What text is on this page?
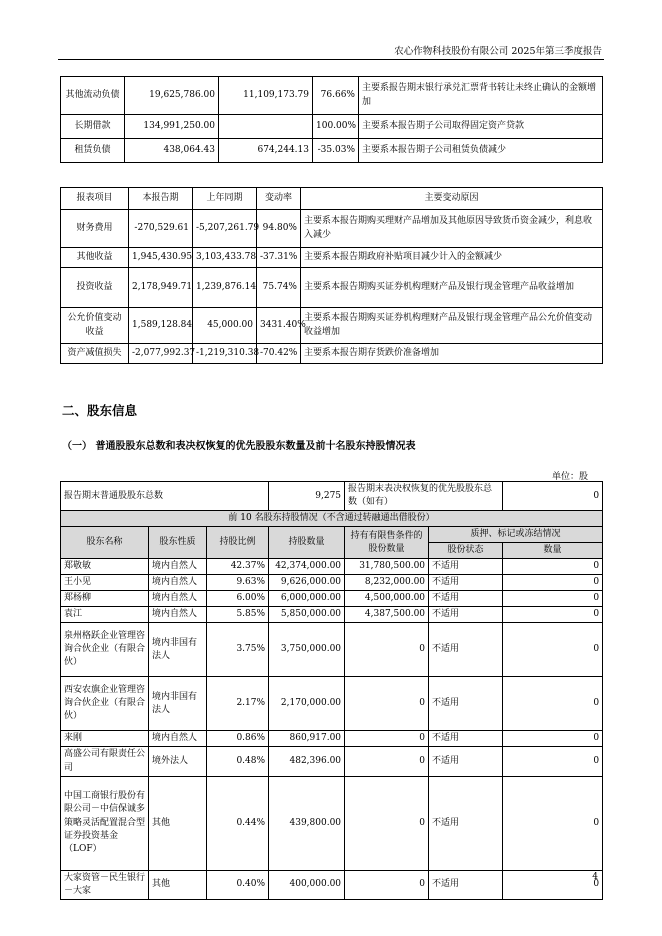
农心作物科技股份有限公司 2025年第三季度报告
其他流动负债	19,625,786.00	11,109,173.79	76.66%	主要系报告期末银行承兑汇票背书转让未终止确认的金额增加
长期借款	134,991,250.00		100.00%	主要系本报告期子公司取得固定资产贷款
租赁负债	438,064.43	674,244.13	-35.03%	主要系本报告期子公司租赁负债减少
报表项目	本报告期	上年同期	变动率	主要变动原因
财务费用	-270,529.61	-5,207,261.79	94.80%	主要系本报告期购买理财产品增加及其他原因导致货币资金减少，利息收入减少
其他收益	1,945,430.95	3,103,433.78	-37.31%	主要系本报告期政府补贴项目减少计入的金额减少
投资收益	2,178,949.71	1,239,876.14	75.74%	主要系本报告期购买证券机构理财产品及银行现金管理产品收益增加
公允价值变动收益	1,589,128.84	45,000.00	3431.40%	主要系本报告期购买证券机构理财产品及银行现金管理产品公允价值变动收益增加
资产减值损失	-2,077,992.37	-1,219,310.38	-70.42%	主要系本报告期存货跌价准备增加
二、股东信息
（一） 普通股股东总数和表决权恢复的优先股股东数量及前十名股东持股情况表
单位：股
报告期末普通股股东总数			9,275	报告期末表决权恢复的优先股股东总数（如有）		0
前 10 名股东持股情况（不含通过转融通出借股份）						
股东名称	股东性质	持股比例	持股数量	持有有限售条件的股份数量	质押、标记或冻结情况	
					股份状态	数量
郑敬敏	境内自然人	42.37%	42,374,000.00	31,780,500.00	不适用	0
王小见	境内自然人	9.63%	9,626,000.00	8,232,000.00	不适用	0
郑杨柳	境内自然人	6.00%	6,000,000.00	4,500,000.00	不适用	0
袁江	境内自然人	5.85%	5,850,000.00	4,387,500.00	不适用	0
泉州格跃企业管理咨询合伙企业（有限合伙）	境内非国有法人	3.75%	3,750,000.00	0	不适用	0
西安农旗企业管理咨询合伙企业（有限合伙）	境内非国有法人	2.17%	2,170,000.00	0	不适用	0
来刚	境内自然人	0.86%	860,917.00	0	不适用	0
高盛公司有限责任公司	境外法人	0.48%	482,396.00	0	不适用	0
中国工商银行股份有限公司－中信保诚多策略灵活配置混合型证券投资基金（LOF）	其他	0.44%	439,800.00	0	不适用	0
大家资管－民生银行－大家	其他	0.40%	400,000.00	0	不适用	0
4
